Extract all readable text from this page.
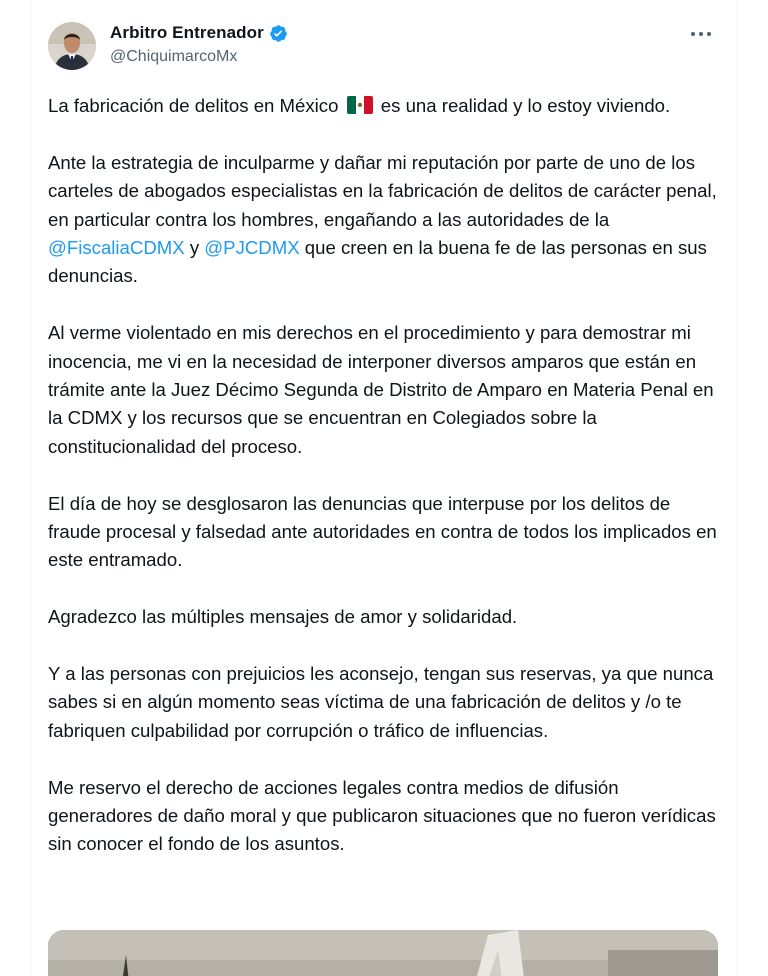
Arbitro Entrenador
@ChiquimarcoMx
La fabricación de delitos en México es una realidad y lo estoy viviendo.
Ante la estrategia de inculparme y dañar mi reputación por parte de uno de los carteles de abogados especialistas en la fabricación de delitos de carácter penal, en particular contra los hombres, engañando a las autoridades de la @FiscaliaCDMX y @PJCDMX que creen en la buena fe de las personas en sus denuncias.
Al verme violentado en mis derechos en el procedimiento y para demostrar mi inocencia, me vi en la necesidad de interponer diversos amparos que están en trámite ante la Juez Décimo Segunda de Distrito de Amparo en Materia Penal en la CDMX y los recursos que se encuentran en Colegiados sobre la constitucionalidad del proceso.
El día de hoy se desglosaron las denuncias que interpuse por los delitos de fraude procesal y falsedad ante autoridades en contra de todos los implicados en este entramado.
Agradezco las múltiples mensajes de amor y solidaridad.
Y a las personas con prejuicios les aconsejo, tengan sus reservas, ya que nunca sabes si en algún momento seas víctima de una fabricación de delitos y /o te fabriquen culpabilidad por corrupción o tráfico de influencias.
Me reservo el derecho de acciones legales contra medios de difusión generadores de daño moral y que publicaron situaciones que no fueron verídicas sin conocer el fondo de los asuntos.
